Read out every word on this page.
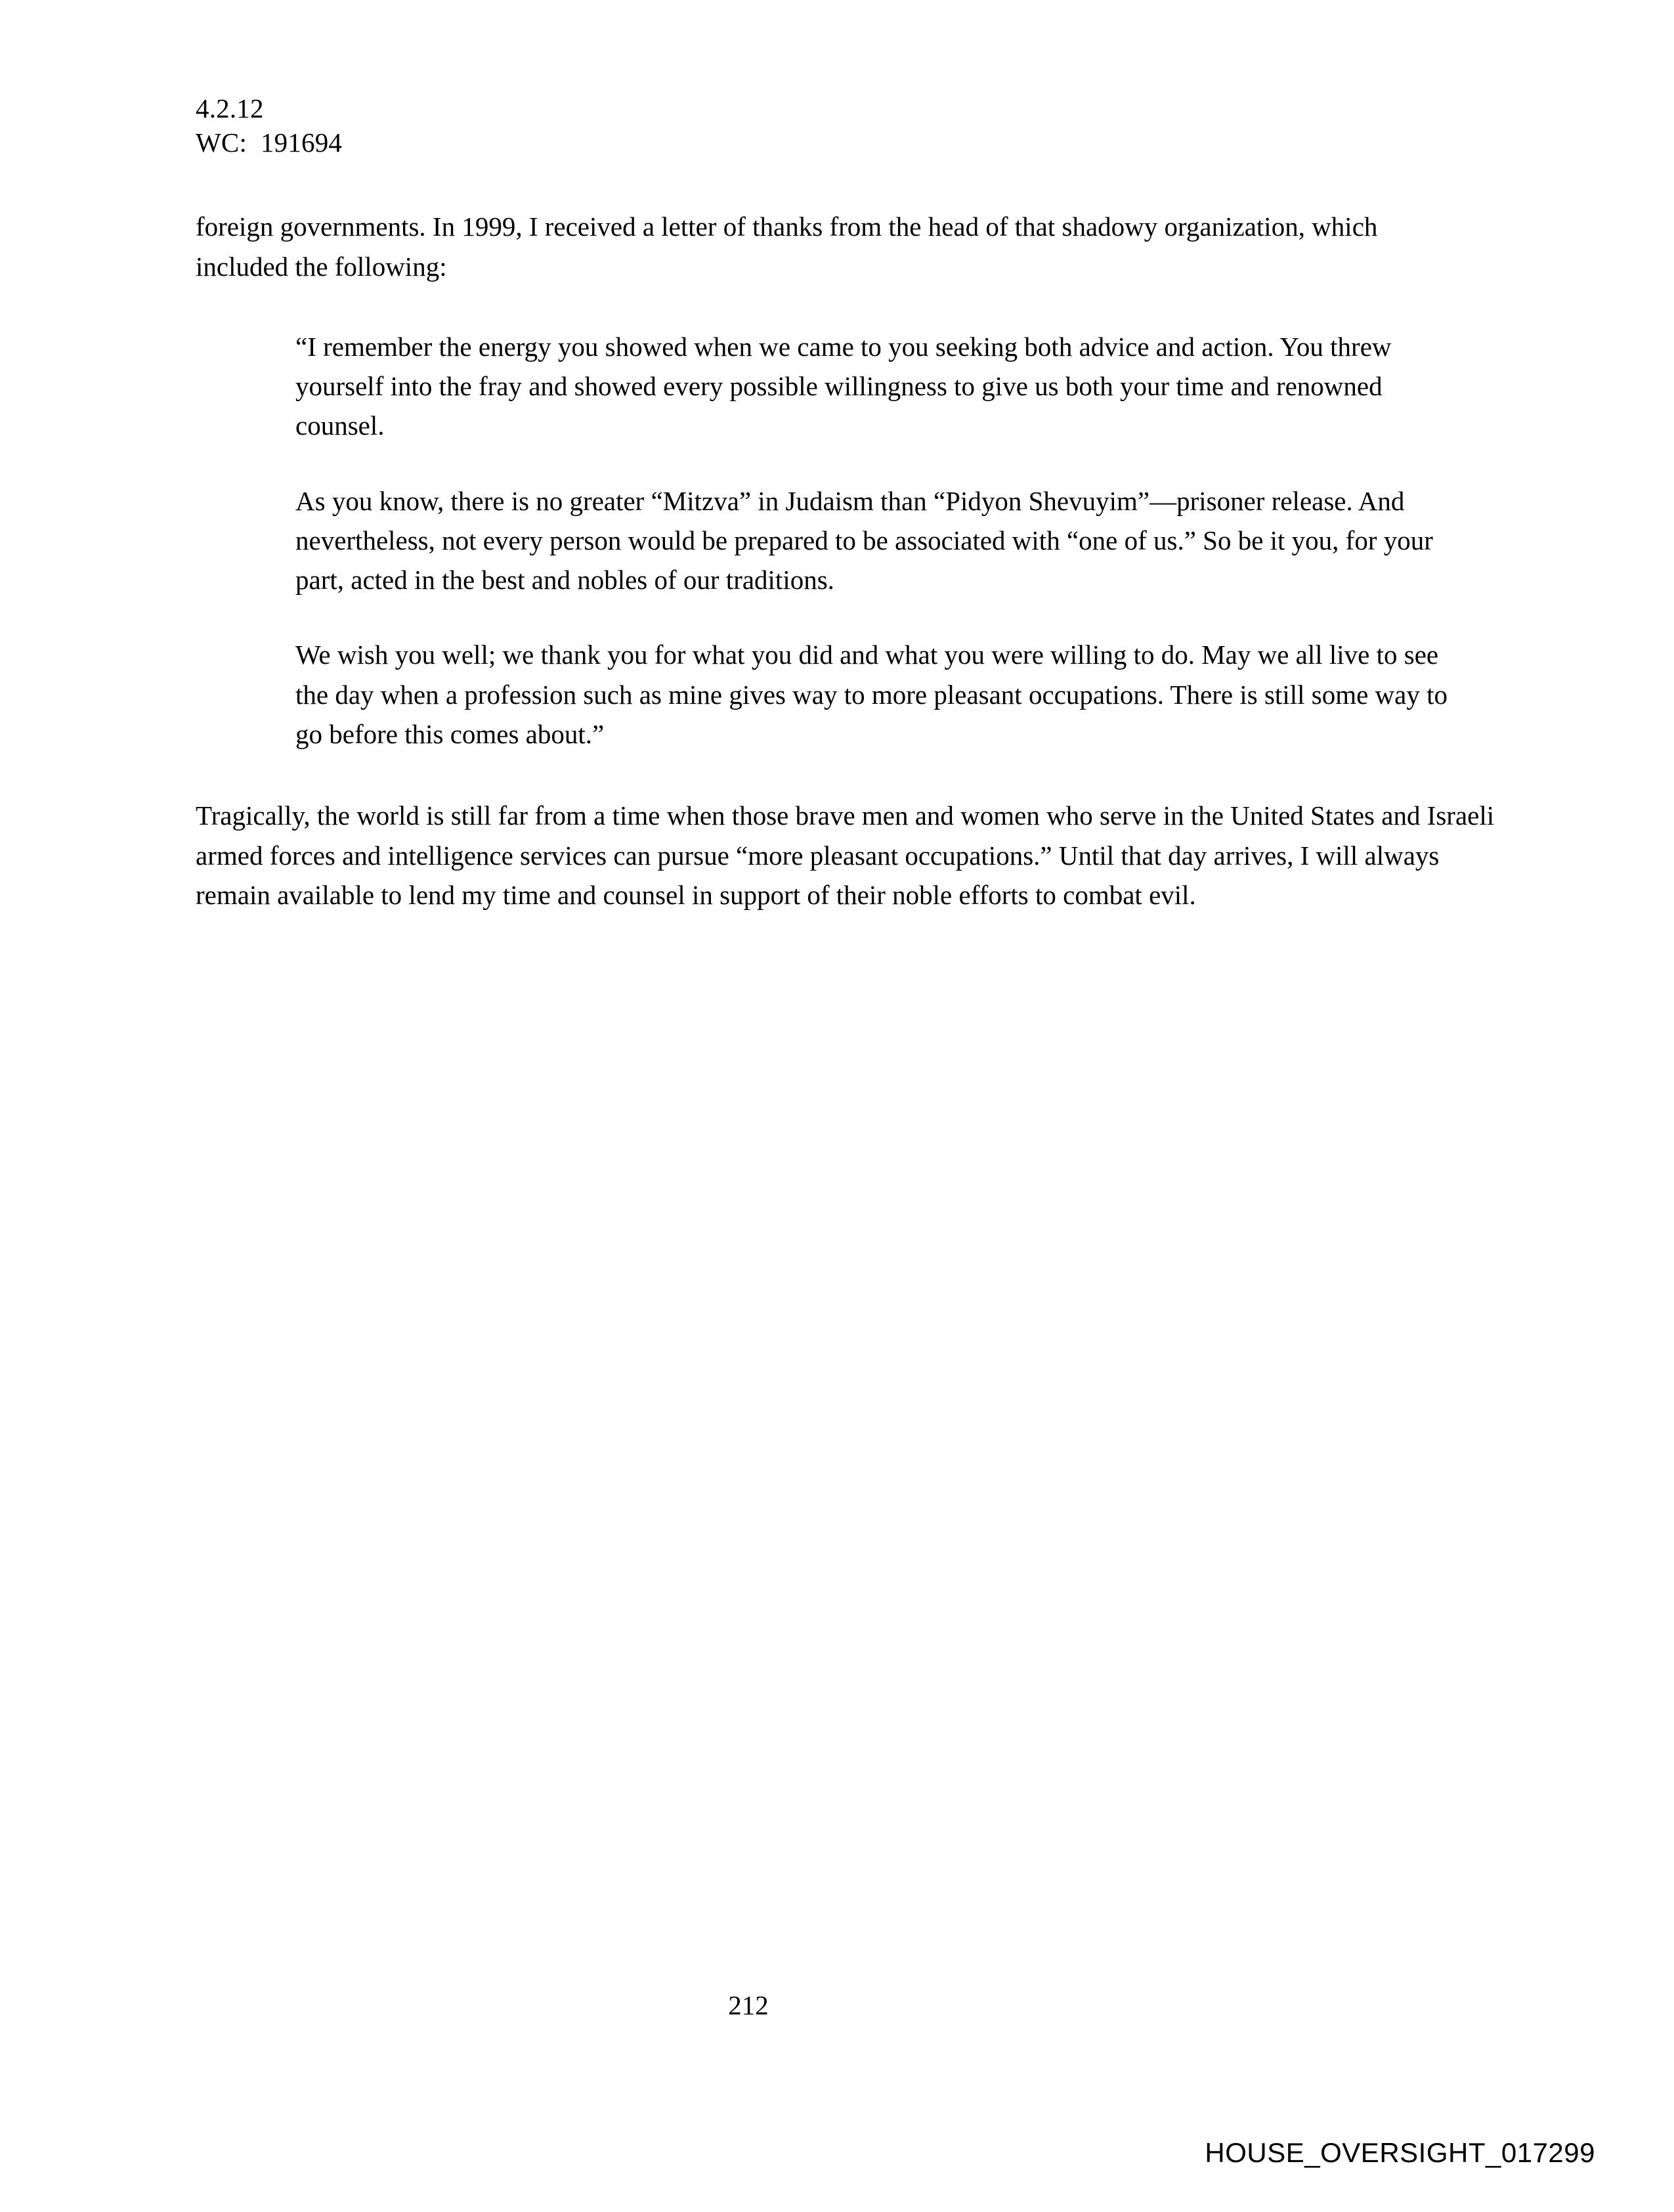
4.2.12
WC:  191694

foreign governments. In 1999, I received a letter of thanks from the head of that shadowy organization, which included the following:

“I remember the energy you showed when we came to you seeking both advice and action. You threw yourself into the fray and showed every possible willingness to give us both your time and renowned counsel.

As you know, there is no greater “Mitzva” in Judaism than “Pidyon Shevuyim”—prisoner release. And nevertheless, not every person would be prepared to be associated with “one of us.” So be it you, for your part, acted in the best and nobles of our traditions.

We wish you well; we thank you for what you did and what you were willing to do. May we all live to see the day when a profession such as mine gives way to more pleasant occupations. There is still some way to go before this comes about.”

Tragically, the world is still far from a time when those brave men and women who serve in the United States and Israeli armed forces and intelligence services can pursue “more pleasant occupations.” Until that day arrives, I will always remain available to lend my time and counsel in support of their noble efforts to combat evil.

212
HOUSE_OVERSIGHT_017299
